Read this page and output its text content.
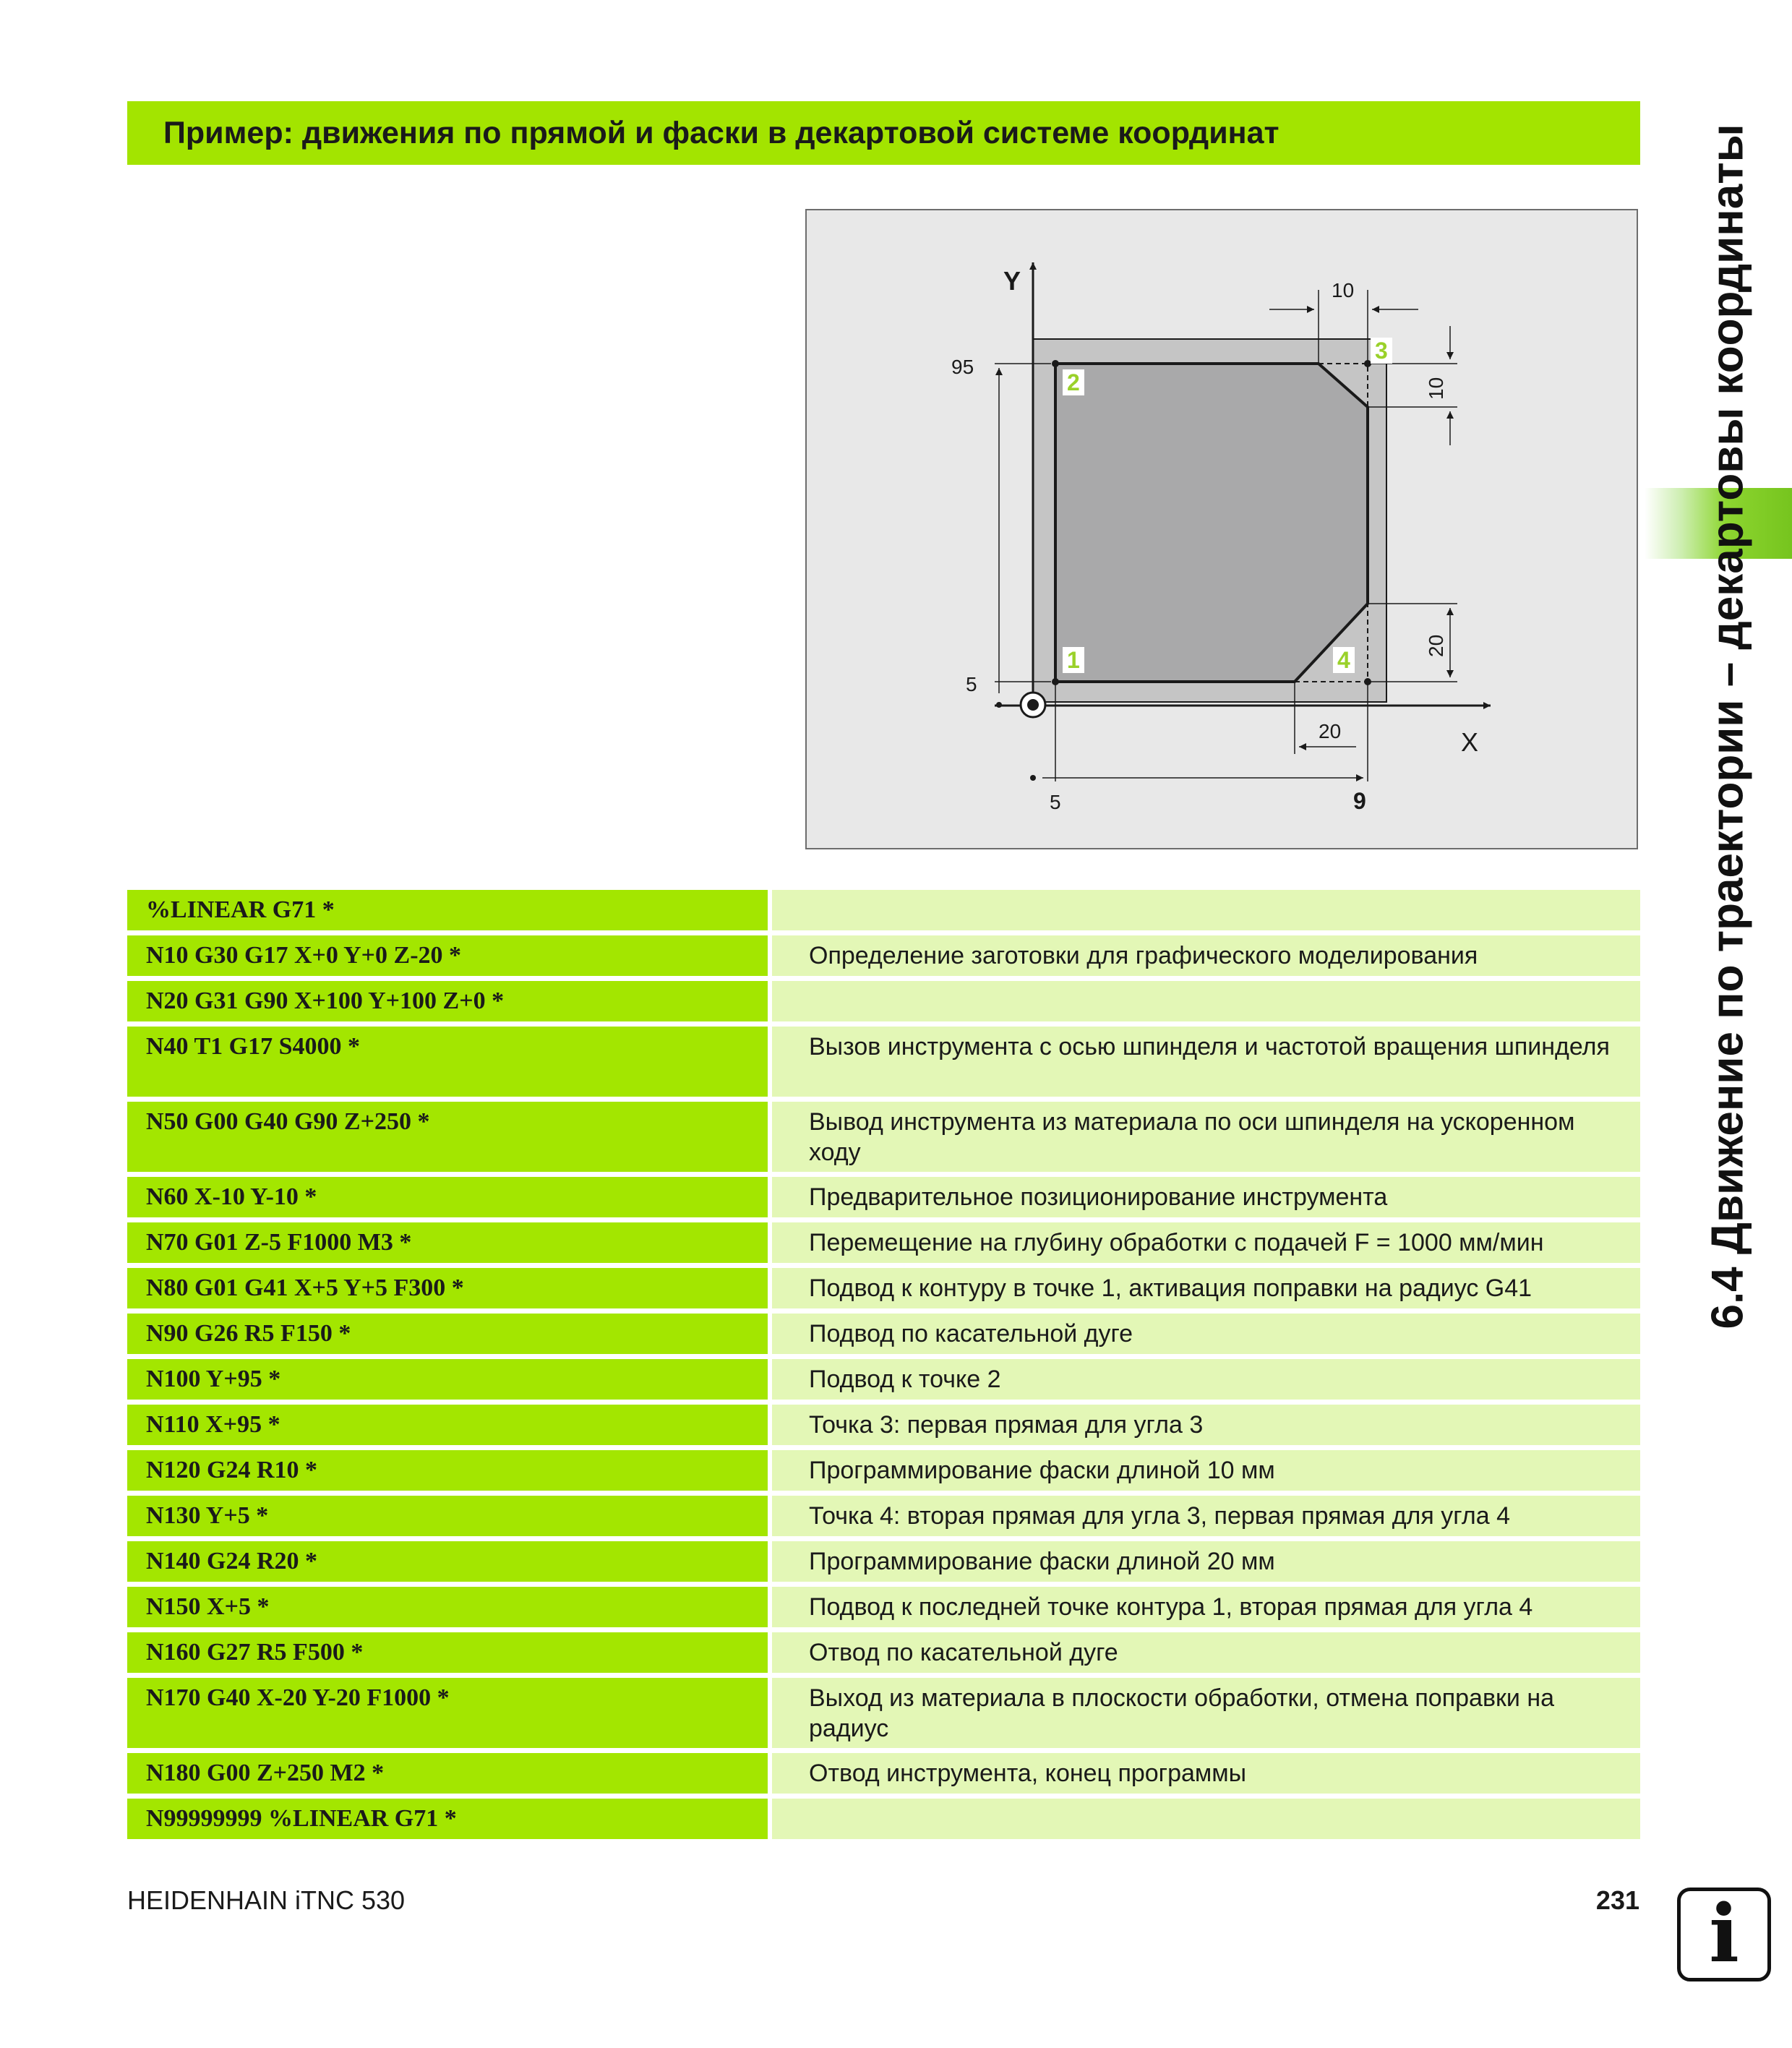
Пример: движения по прямой и фаски в декартовой системе координат
Y
X
95
5
5	9
20
10
10
20
1
2
3
4
%LINEAR G71 *
N10 G30 G17 X+0 Y+0 Z-20 *	Определение заготовки для графического моделирования
N20 G31 G90 X+100 Y+100 Z+0 *
N40 T1 G17 S4000 *	Вызов инструмента с осью шпинделя и частотой вращения шпинделя
N50 G00 G40 G90 Z+250 *	Вывод инструмента из материала по оси шпинделя на ускоренном ходу
N60 X-10 Y-10 *	Предварительное позиционирование инструмента
N70 G01 Z-5 F1000 M3 *	Перемещение на глубину обработки с подачей F = 1000 мм/мин
N80 G01 G41 X+5 Y+5 F300 *	Подвод к контуру в точке 1, активация поправки на радиус G41
N90 G26 R5 F150 *	Подвод по касательной дуге
N100 Y+95 *	Подвод к точке 2
N110 X+95 *	Точка 3: первая прямая для угла 3
N120 G24 R10 *	Программирование фаски длиной 10 мм
N130 Y+5 *	Точка 4: вторая прямая для угла 3, первая прямая для угла 4
N140 G24 R20 *	Программирование фаски длиной 20 мм
N150 X+5 *	Подвод к последней точке контура 1, вторая прямая для угла 4
N160 G27 R5 F500 *	Отвод по касательной дуге
N170 G40 X-20 Y-20 F1000 *	Выход из материала в плоскости обработки, отмена поправки на радиус
N180 G00 Z+250 M2 *	Отвод инструмента, конец программы
N99999999 %LINEAR G71 *
6.4 Движение по траектории – декартовы координаты
HEIDENHAIN iTNC 530	231 i
